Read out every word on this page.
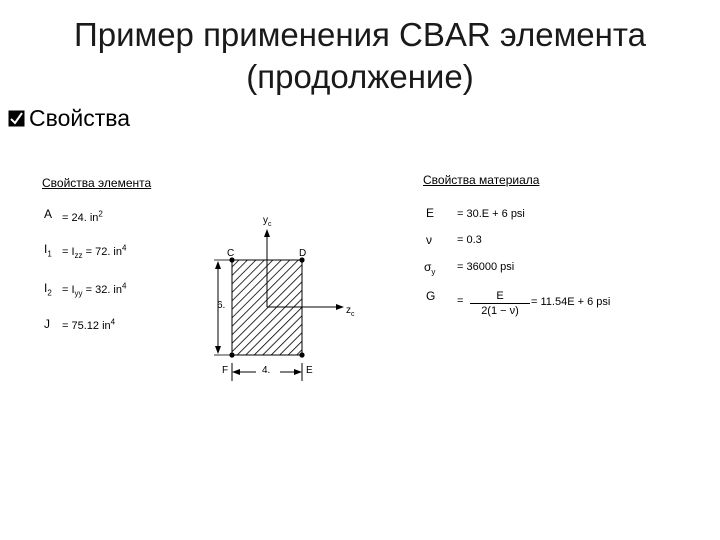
Пример применения CBAR элемента
(продолжение)
Свойства
Свойства элемента
A = 24. $in^2$
$I_1 = I_{zz} = 72$. $in^4$
$I_2 = I_{yy} = 32$. $in^4$
J = 75.12 $in^4$
$y_c$
$z_c$
C	D
F	E
6.
4.
Свойства материала
E = 30.E + 6 psi
ν = 0.3
$\sigma_y = 36000$ psi
G =	E
2(1 − ν)
= 11.54E + 6 psi
